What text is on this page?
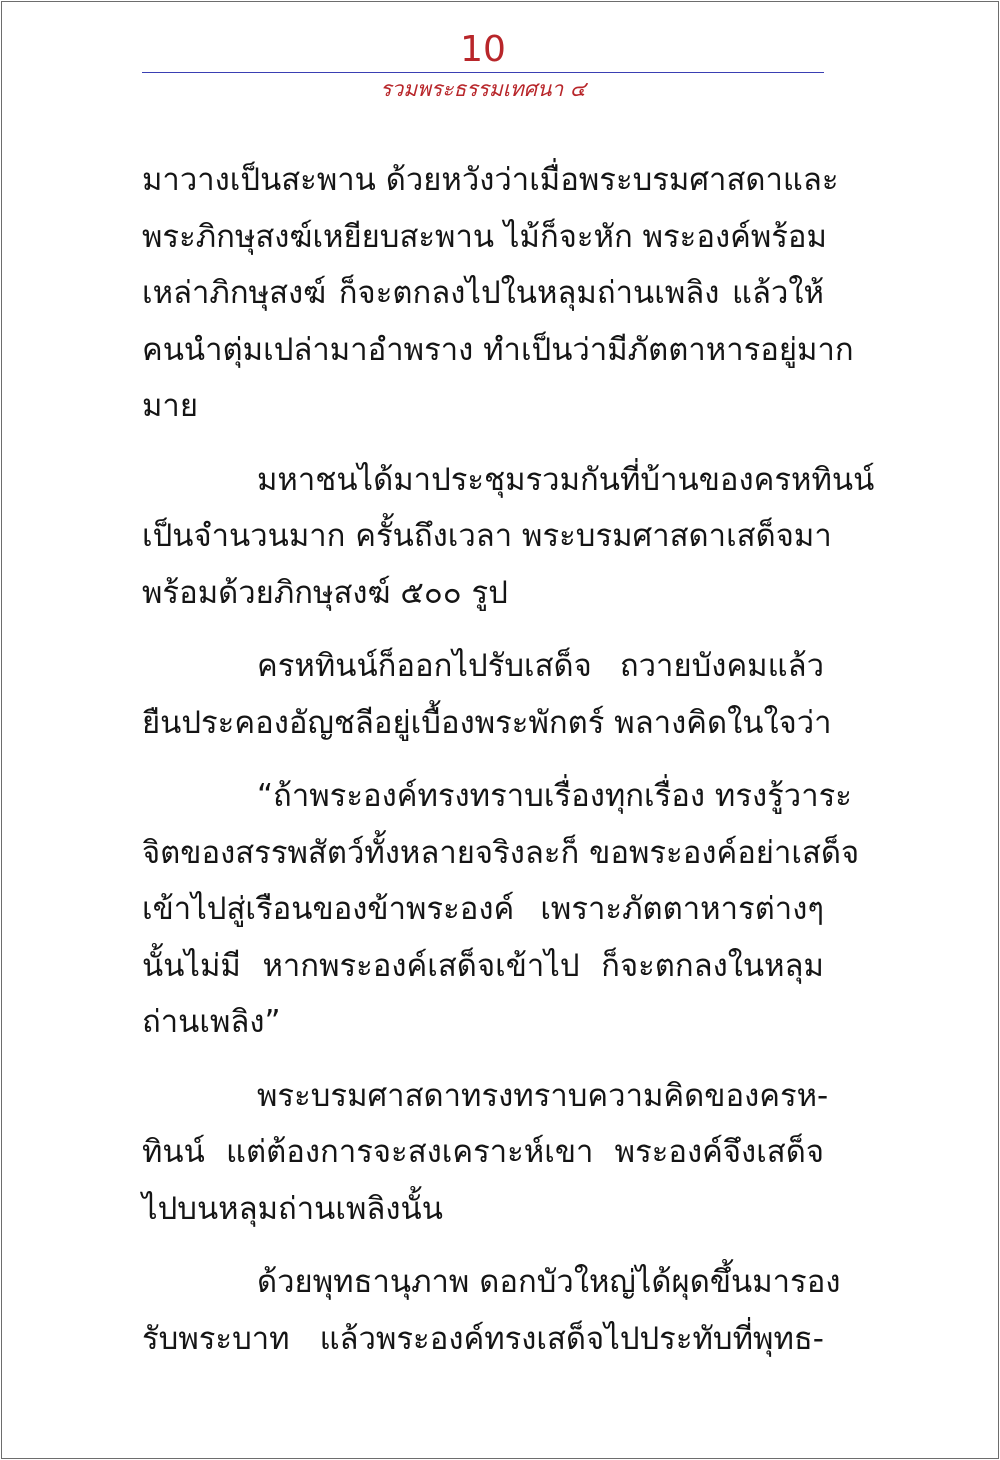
10
รวมพระธรรมเทศนา ๔

มาวางเป็นสะพาน ด้วยหวังว่าเมื่อพระบรมศาสดาและ
พระภิกษุสงฆ์เหยียบสะพาน ไม้ก็จะหัก พระองค์พร้อม
เหล่าภิกษุสงฆ์ ก็จะตกลงไปในหลุมถ่านเพลิง แล้วให้
คนนำตุ่มเปล่ามาอำพราง ทำเป็นว่ามีภัตตาหารอยู่มาก
มาย

มหาชนได้มาประชุมรวมกันที่บ้านของครหทินน์
เป็นจำนวนมาก ครั้นถึงเวลา พระบรมศาสดาเสด็จมา
พร้อมด้วยภิกษุสงฆ์ ๕๐๐ รูป

ครหทินน์ก็ออกไปรับเสด็จ ถวายบังคมแล้ว
ยืนประคองอัญชลีอยู่เบื้องพระพักตร์ พลางคิดในใจว่า

“ถ้าพระองค์ทรงทราบเรื่องทุกเรื่อง ทรงรู้วาระ
จิตของสรรพสัตว์ทั้งหลายจริงละก็ ขอพระองค์อย่าเสด็จ
เข้าไปสู่เรือนของข้าพระองค์ เพราะภัตตาหารต่างๆ
นั้นไม่มี หากพระองค์เสด็จเข้าไป ก็จะตกลงในหลุม
ถ่านเพลิง”

พระบรมศาสดาทรงทราบความคิดของครห-
ทินน์ แต่ต้องการจะสงเคราะห์เขา พระองค์จึงเสด็จ
ไปบนหลุมถ่านเพลิงนั้น

ด้วยพุทธานุภาพ ดอกบัวใหญ่ได้ผุดขึ้นมารอง
รับพระบาท แล้วพระองค์ทรงเสด็จไปประทับที่พุทธ-
